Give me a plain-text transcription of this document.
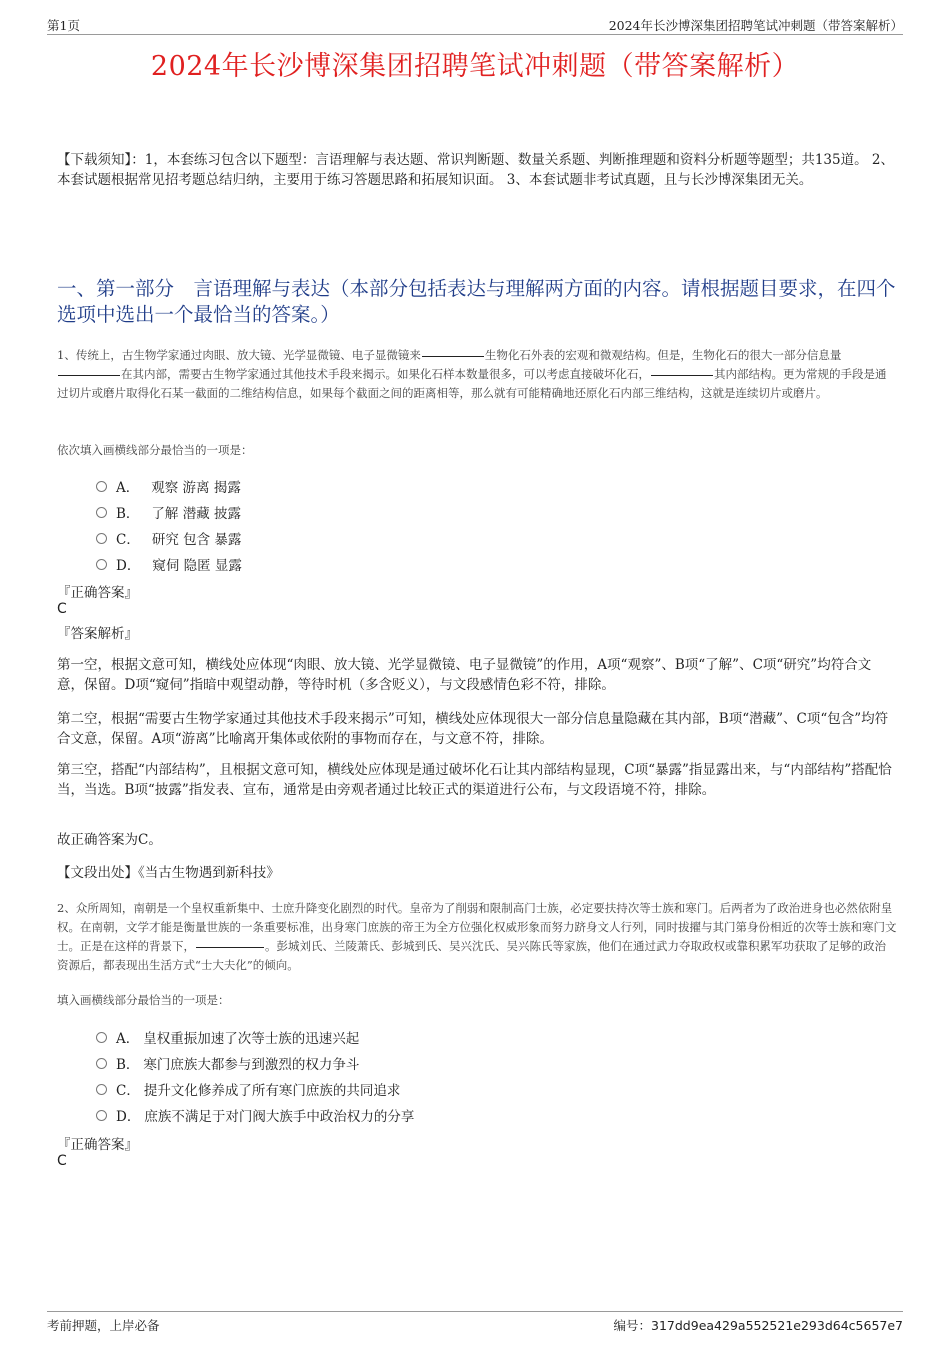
第1页	2024年长沙博深集团招聘笔试冲刺题（带答案解析）
2024年长沙博深集团招聘笔试冲刺题（带答案解析）
【下载须知】：1，本套练习包含以下题型：言语理解与表达题、常识判断题、数量关系题、判断推理题和资料分析题等题型；共135道。 2、本套试题根据常见招考题总结归纳，主要用于练习答题思路和拓展知识面。 3、本套试题非考试真题，且与长沙博深集团无关。
一、第一部分　言语理解与表达（本部分包括表达与理解两方面的内容。请根据题目要求，在四个选项中选出一个最恰当的答案。）
1、传统上，古生物学家通过肉眼、放大镜、光学显微镜、电子显微镜来	生物化石外表的宏观和微观结构。但是，生物化石的很大一部分信息量在其内部，需要古生物学家通过其他技术手段来揭示。如果化石样本数量很多，可以考虑直接破坏化石，	其内部结构。更为常规的手段是通过切片或磨片取得化石某一截面的二维结构信息，如果每个截面之间的距离相等，那么就有可能精确地还原化石内部三维结构，这就是连续切片或磨片。
依次填入画横线部分最恰当的一项是：
A． 观察 游离 揭露
B． 了解 潜藏 披露
C． 研究 包含 暴露
D． 窥伺 隐匿 显露
『正确答案』
C
『答案解析』
第一空，根据文意可知，横线处应体现“肉眼、放大镜、光学显微镜、电子显微镜”的作用，A项“观察”、B项“了解”、C项“研究”均符合文意，保留。D项“窥伺”指暗中观望动静，等待时机（多含贬义），与文段感情色彩不符，排除。
第二空，根据“需要古生物学家通过其他技术手段来揭示”可知，横线处应体现很大一部分信息量隐藏在其内部，B项“潜藏”、C项“包含”均符合文意，保留。A项“游离”比喻离开集体或依附的事物而存在，与文意不符，排除。
第三空，搭配“内部结构”，且根据文意可知，横线处应体现是通过破坏化石让其内部结构显现，C项“暴露”指显露出来，与“内部结构”搭配恰当，当选。B项“披露”指发表、宣布，通常是由旁观者通过比较正式的渠道进行公布，与文段语境不符，排除。
故正确答案为C。
【文段出处】《当古生物遇到新科技》
2、众所周知，南朝是一个皇权重新集中、士庶升降变化剧烈的时代。皇帝为了削弱和限制高门士族，必定要扶持次等士族和寒门。后两者为了政治进身也必然依附皇权。在南朝，文学才能是衡量世族的一条重要标准，出身寒门庶族的帝王为全方位强化权威形象而努力跻身文人行列，同时拔擢与其门第身份相近的次等士族和寒门文士。正是在这样的背景下，	。彭城刘氏、兰陵萧氏、彭城到氏、吴兴沈氏、吴兴陈氏等家族，他们在通过武力夺取政权或靠积累军功获取了足够的政治资源后，都表现出生活方式“士大夫化”的倾向。
填入画横线部分最恰当的一项是：
A． 皇权重振加速了次等士族的迅速兴起
B． 寒门庶族大都参与到激烈的权力争斗
C． 提升文化修养成了所有寒门庶族的共同追求
D． 庶族不满足于对门阀大族手中政治权力的分享
『正确答案』
C
考前押题，上岸必备	编号：317dd9ea429a552521e293d64c5657e7
